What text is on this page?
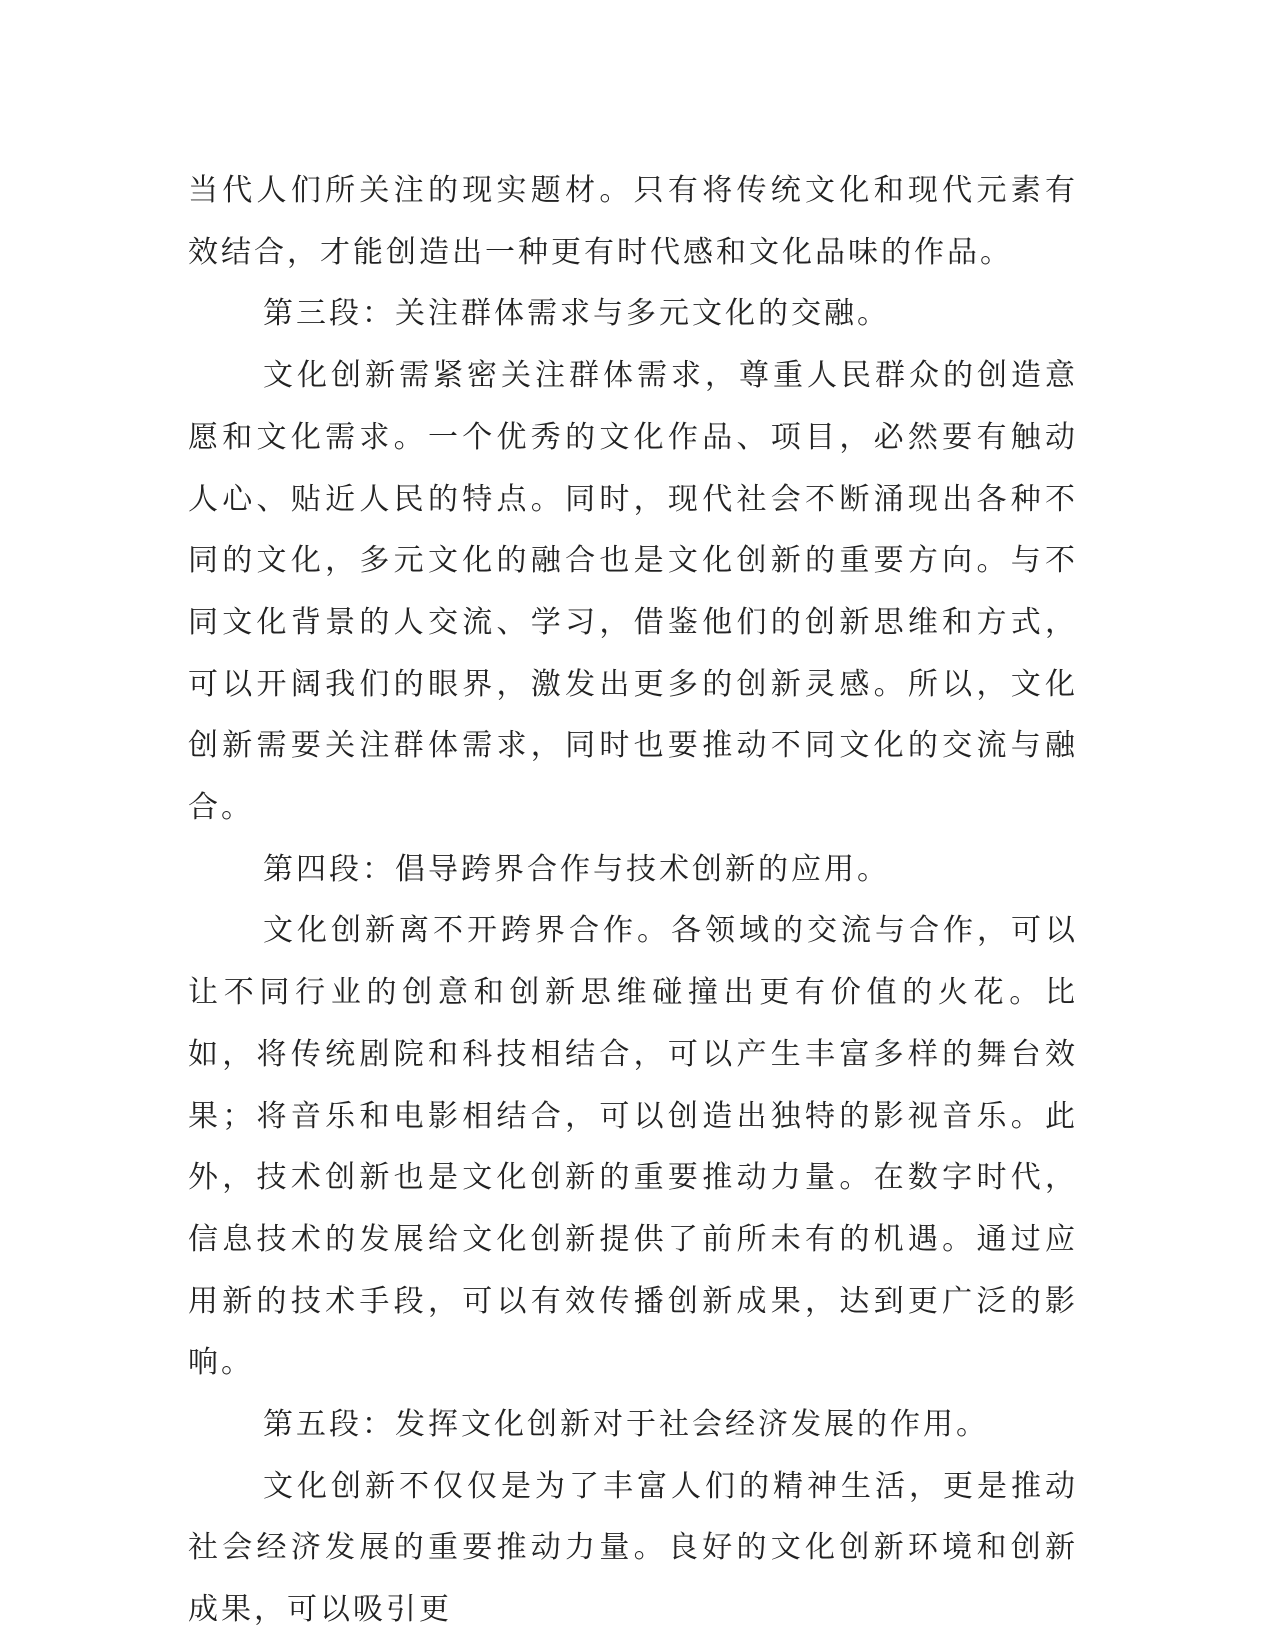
当代人们所关注的现实题材。只有将传统文化和现代元素有效结合，才能创造出一种更有时代感和文化品味的作品。

第三段：关注群体需求与多元文化的交融。

文化创新需紧密关注群体需求，尊重人民群众的创造意愿和文化需求。一个优秀的文化作品、项目，必然要有触动人心、贴近人民的特点。同时，现代社会不断涌现出各种不同的文化，多元文化的融合也是文化创新的重要方向。与不同文化背景的人交流、学习，借鉴他们的创新思维和方式，可以开阔我们的眼界，激发出更多的创新灵感。所以，文化创新需要关注群体需求，同时也要推动不同文化的交流与融合。

第四段：倡导跨界合作与技术创新的应用。

文化创新离不开跨界合作。各领域的交流与合作，可以让不同行业的创意和创新思维碰撞出更有价值的火花。比如，将传统剧院和科技相结合，可以产生丰富多样的舞台效果；将音乐和电影相结合，可以创造出独特的影视音乐。此外，技术创新也是文化创新的重要推动力量。在数字时代，信息技术的发展给文化创新提供了前所未有的机遇。通过应用新的技术手段，可以有效传播创新成果，达到更广泛的影响。

第五段：发挥文化创新对于社会经济发展的作用。

文化创新不仅仅是为了丰富人们的精神生活，更是推动社会经济发展的重要推动力量。良好的文化创新环境和创新成果，可以吸引更
